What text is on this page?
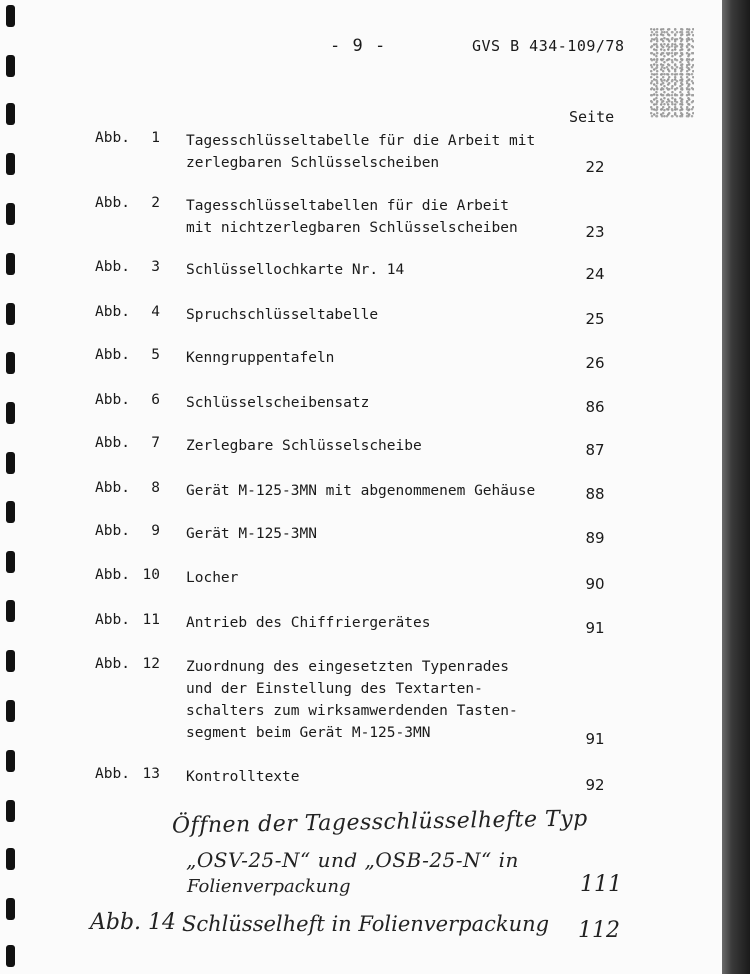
- 9 -	GVS B 434-109/78
Seite
Abb.	1 Tagesschlüsseltabelle für die Arbeit mit
zerlegbaren Schlüsselscheiben	22
Abb.	2 Tagesschlüsseltabellen für die Arbeit
mit nichtzerlegbaren Schlüsselscheiben	23
Abb.	3 Schlüssellochkarte Nr. 14	24
Abb.	4 Spruchschlüsseltabelle	25
Abb.	5 Kenngruppentafeln	26
Abb.	6 Schlüsselscheibensatz	86
Abb.	7 Zerlegbare Schlüsselscheibe	87
Abb.	8 Gerät M-125-3MN mit abgenommenem Gehäuse	88
Abb.	9 Gerät M-125-3MN	89
Abb. 10 Locher	90
Abb. 11 Antrieb des Chiffriergerätes	91
Abb. 12 Zuordnung des eingesetzten Typenrades
und der Einstellung des Textarten-
schalters zum wirksamwerdenden Tasten-
segment beim Gerät M-125-3MN	91
Abb. 13 Kontrolltexte	92
Öffnen der Tagesschlüsselhefte Typ
„OSV-25-N“ und „OSB-25-N“ in
Folienverpackung	111
Abb. 14 Schlüsselheft in Folienverpackung 112
